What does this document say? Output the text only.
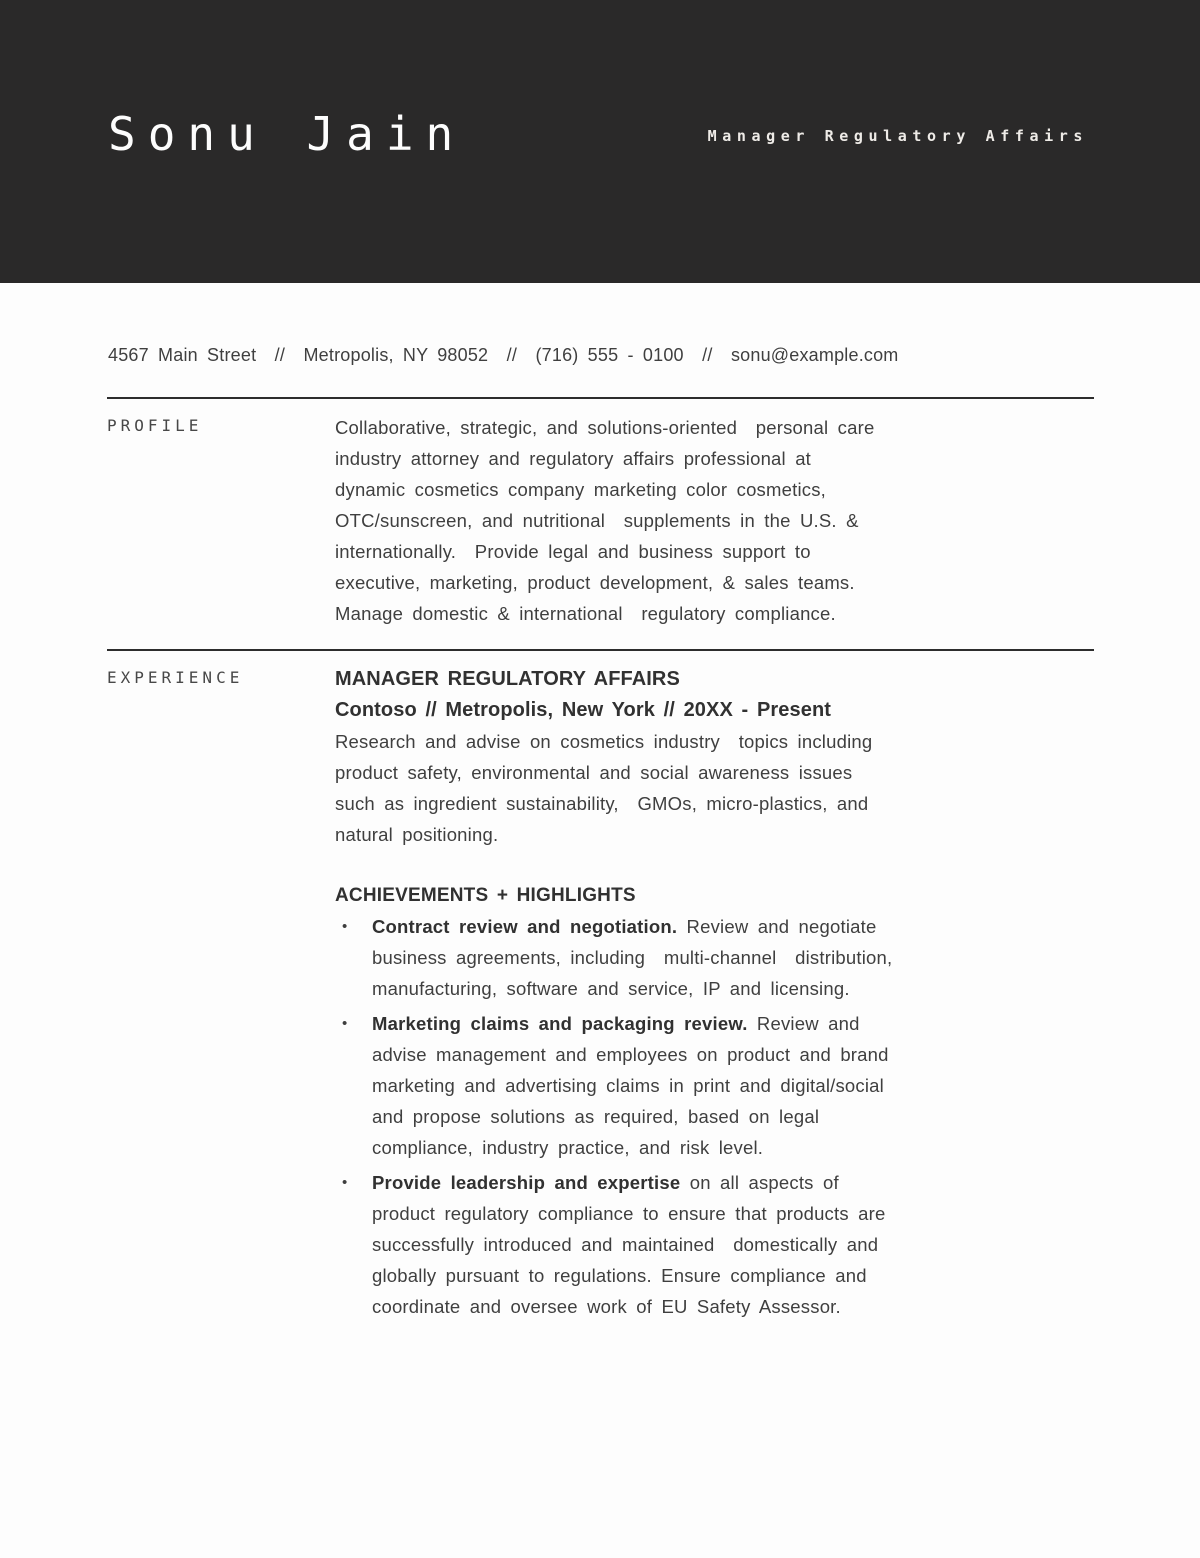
Sonu Jain	Manager Regulatory Affairs
4567 Main Street  //  Metropolis, NY 98052  //  (716) 555 - 0100  //  sonu@example.com
PROFILE	Collaborative, strategic, and solutions-oriented  personal care
industry attorney and regulatory affairs professional at
dynamic cosmetics company marketing color cosmetics,
OTC/sunscreen, and nutritional  supplements in the U.S. &
internationally.  Provide legal and business support to
executive, marketing, product development, & sales teams.
Manage domestic & international  regulatory compliance.
EXPERIENCE	MANAGER REGULATORY AFFAIRS
Contoso // Metropolis, New York // 20XX - Present
Research and advise on cosmetics industry  topics including
product safety, environmental and social awareness issues
such as ingredient sustainability,  GMOs, micro-plastics, and
natural positioning.
ACHIEVEMENTS + HIGHLIGHTS
• Contract review and negotiation. Review and negotiate
business agreements, including  multi-channel  distribution,
manufacturing, software and service, IP and licensing.
• Marketing claims and packaging review. Review and
advise management and employees on product and brand
marketing and advertising claims in print and digital/social
and propose solutions as required, based on legal
compliance, industry practice, and risk level.
• Provide leadership and expertise on all aspects of
product regulatory compliance to ensure that products are
successfully introduced and maintained  domestically and
globally pursuant to regulations. Ensure compliance and
coordinate and oversee work of EU Safety Assessor.
